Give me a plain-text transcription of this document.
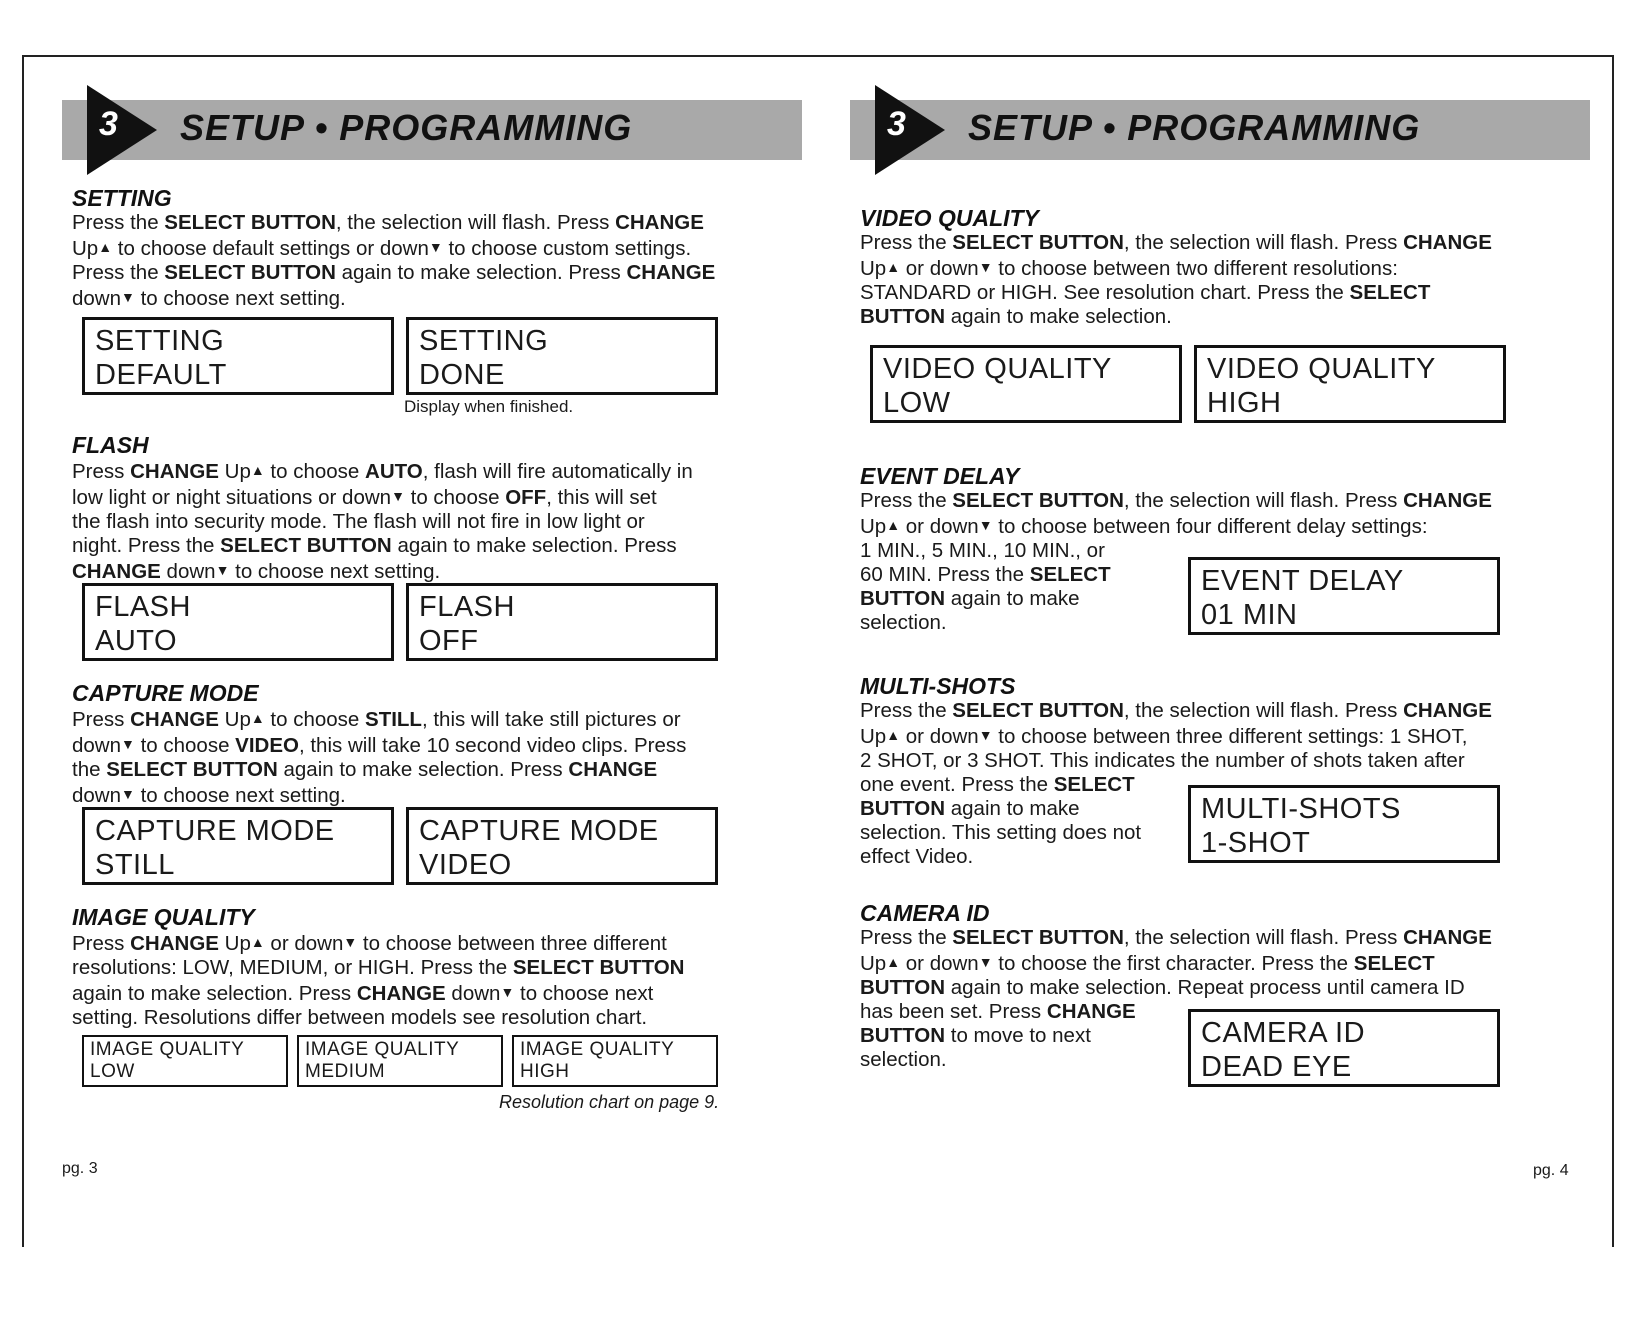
3 SETUP • PROGRAMMING
SETTING

Press the SELECT BUTTON, the selection will flash. Press CHANGE

Up▲ to choose default settings or down▼ to choose custom settings.

Press the SELECT BUTTON again to make selection. Press CHANGE

down▼ to choose next setting.

SETTING
DEFAULT
SETTING
DONE
Display when finished.
FLASH

Press CHANGE Up▲ to choose AUTO, flash will fire automatically in

low light or night situations or down▼ to choose OFF, this will set

the flash into security mode. The flash will not fire in low light or

night. Press the SELECT BUTTON again to make selection. Press

CHANGE down▼ to choose next setting.

FLASH
AUTO
FLASH
OFF
CAPTURE MODE

Press CHANGE Up▲ to choose STILL, this will take still pictures or

down▼ to choose VIDEO, this will take 10 second video clips. Press

the SELECT BUTTON again to make selection. Press CHANGE

down▼ to choose next setting.

CAPTURE MODE
STILL
CAPTURE MODE
VIDEO
IMAGE QUALITY

Press CHANGE Up▲ or down▼ to choose between three different

resolutions: LOW, MEDIUM, or HIGH. Press the SELECT BUTTON

again to make selection. Press CHANGE down▼ to choose next

setting. Resolutions differ between models see resolution chart.

IMAGE QUALITY
LOW
IMAGE QUALITY
MEDIUM
IMAGE QUALITY
HIGH
Resolution chart on page 9.
pg. 3
3 SETUP • PROGRAMMING
VIDEO QUALITY

Press the SELECT BUTTON, the selection will flash. Press CHANGE

Up▲ or down▼ to choose between two different resolutions:

STANDARD or HIGH. See resolution chart. Press the SELECT

BUTTON again to make selection.

VIDEO QUALITY
LOW
VIDEO QUALITY
HIGH
EVENT DELAY

Press the SELECT BUTTON, the selection will flash. Press CHANGE

Up▲ or down▼ to choose between four different delay settings:

1 MIN., 5 MIN., 10 MIN., or

60 MIN. Press the SELECT

BUTTON again to make

selection.

EVENT DELAY
01 MIN
MULTI-SHOTS

Press the SELECT BUTTON, the selection will flash. Press CHANGE

Up▲ or down▼ to choose between three different settings: 1 SHOT,

2 SHOT, or 3 SHOT. This indicates the number of shots taken after

one event. Press the SELECT

BUTTON again to make

selection. This setting does not

effect Video.

MULTI-SHOTS
1-SHOT
CAMERA ID

Press the SELECT BUTTON, the selection will flash. Press CHANGE

Up▲ or down▼ to choose the first character. Press the SELECT

BUTTON again to make selection. Repeat process until camera ID

has been set. Press CHANGE

BUTTON to move to next

selection.

CAMERA ID
DEAD EYE
pg. 4
